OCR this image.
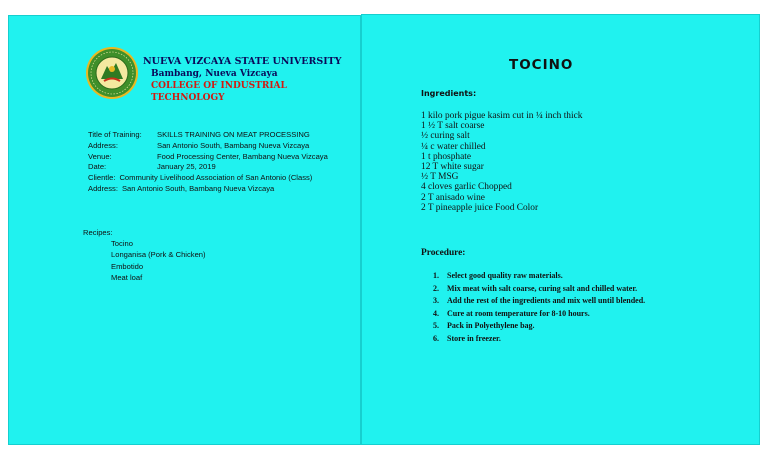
NUEVA VIZCAYA STATE UNIVERSITY
Bambang, Nueva Vizcaya
COLLEGE OF INDUSTRIAL TECHNOLOGY
Title of Training:	SKILLS TRAINING ON MEAT PROCESSING
Address:	San Antonio South, Bambang Nueva Vizcaya
Venue:	Food Processing Center, Bambang Nueva Vizcaya
Date:	January 25, 2019
Clientle: Community Livelihood Association of San Antonio (Class)
Address: San Antonio South, Bambang Nueva Vizcaya
Recipes:
Tocino
Longanisa (Pork & Chicken)
Embotido
Meat loaf
TOCINO
Ingredients:
1 kilo pork pigue kasim cut in ¼ inch thick
1 ½ T salt coarse
½ curing salt
¼ c water chilled
1 t phosphate
12 T white sugar
½ T MSG
4 cloves garlic Chopped
2 T anisado wine
2 T pineapple juice Food Color
Procedure:
1.	Select good quality raw materials.
2.	Mix meat with salt coarse, curing salt and chilled water.
3.	Add the rest of the ingredients and mix well until blended.
4.	Cure at room temperature for 8-10 hours.
5.	Pack in Polyethylene bag.
6.	Store in freezer.
